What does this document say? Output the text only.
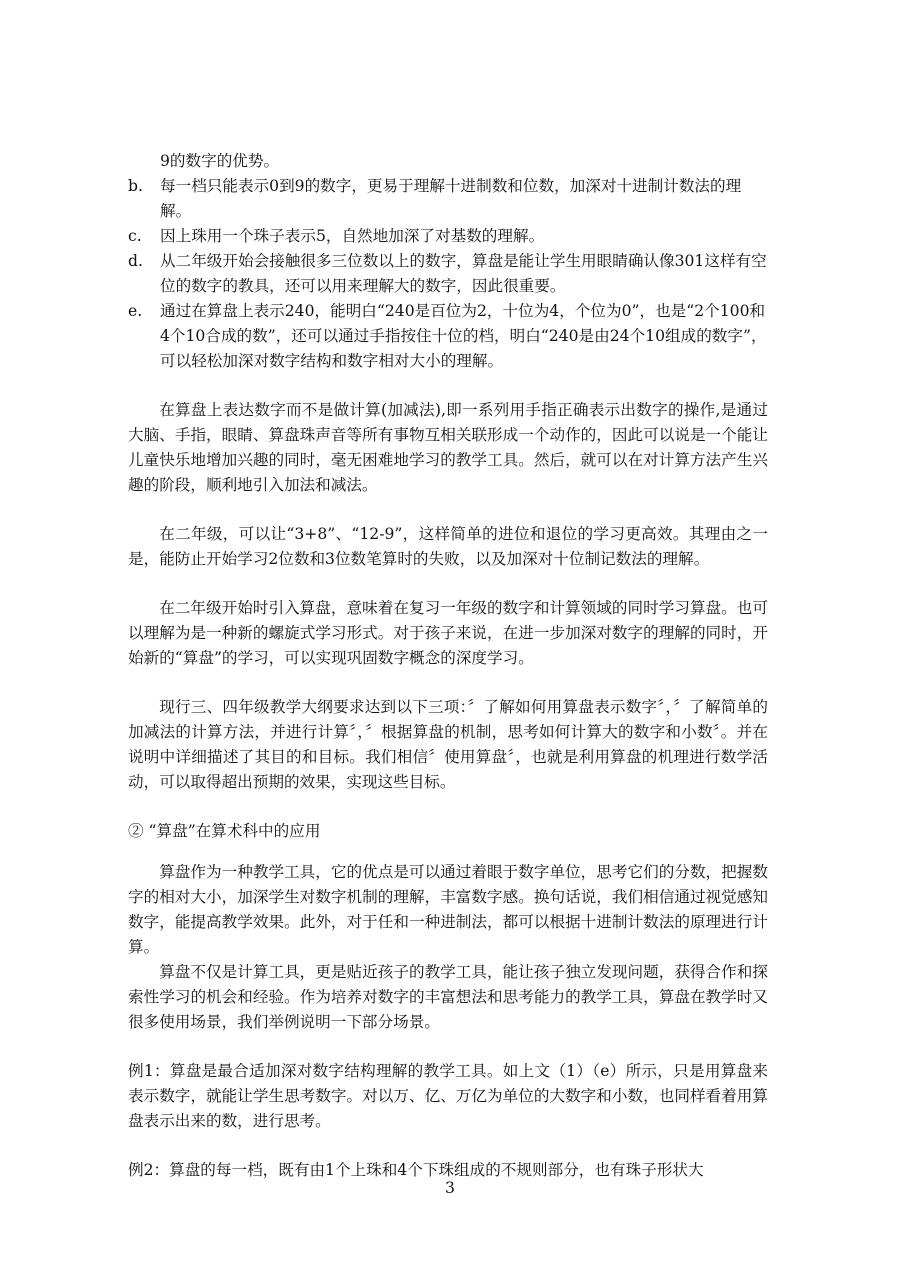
9的数字的优势。

b.	每一档只能表示0到9的数字，更易于理解十进制数和位数，加深对十进制计数法的理解。
c.	因上珠用一个珠子表示5，自然地加深了对基数的理解。
d.	从二年级开始会接触很多三位数以上的数字，算盘是能让学生用眼睛确认像301这样有空位的数字的教具，还可以用来理解大的数字，因此很重要。
e.	通过在算盘上表示240，能明白“240是百位为2，十位为4，个位为0”，也是“2个100和4个10合成的数”，还可以通过手指按住十位的档，明白“240是由24个10组成的数字”，可以轻松加深对数字结构和数字相对大小的理解。

在算盘上表达数字而不是做计算(加减法),即一系列用手指正确表示出数字的操作,是通过大脑、手指，眼睛、算盘珠声音等所有事物互相关联形成一个动作的，因此可以说是一个能让儿童快乐地增加兴趣的同时，毫无困难地学习的教学工具。然后，就可以在对计算方法产生兴趣的阶段，顺利地引入加法和减法。

在二年级，可以让“3+8”、“12-9”，这样简单的进位和退位的学习更高效。其理由之一是，能防止开始学习2位数和3位数笔算时的失败，以及加深对十位制记数法的理解。

在二年级开始时引入算盘，意味着在复习一年级的数字和计算领域的同时学习算盘。也可以理解为是一种新的螺旋式学习形式。对于孩子来说，在进一步加深对数字的理解的同时，开始新的“算盘”的学习，可以实现巩固数字概念的深度学习。

现行三、四年级教学大纲要求达到以下三项：〞了解如何用算盘表示数字〞，〞了解简单的加减法的计算方法，并进行计算〞，〞根据算盘的机制，思考如何计算大的数字和小数〞。并在说明中详细描述了其目的和目标。我们相信〞使用算盘〞，也就是利用算盘的机理进行数学活动，可以取得超出预期的效果，实现这些目标。

② “算盘”在算术科中的应用

算盘作为一种教学工具，它的优点是可以通过着眼于数字单位，思考它们的分数，把握数字的相对大小，加深学生对数字机制的理解，丰富数字感。换句话说，我们相信通过视觉感知数字，能提高教学效果。此外，对于任和一种进制法，都可以根据十进制计数法的原理进行计算。

算盘不仅是计算工具，更是贴近孩子的教学工具，能让孩子独立发现问题，获得合作和探索性学习的机会和经验。作为培养对数字的丰富想法和思考能力的教学工具，算盘在教学时又很多使用场景，我们举例说明一下部分场景。

例1：算盘是最合适加深对数字结构理解的教学工具。如上文（1）（e）所示，只是用算盘来表示数字，就能让学生思考数字。对以万、亿、万亿为单位的大数字和小数，也同样看着用算盘表示出来的数，进行思考。

例2：算盘的每一档，既有由1个上珠和4个下珠组成的不规则部分，也有珠子形状大

3
